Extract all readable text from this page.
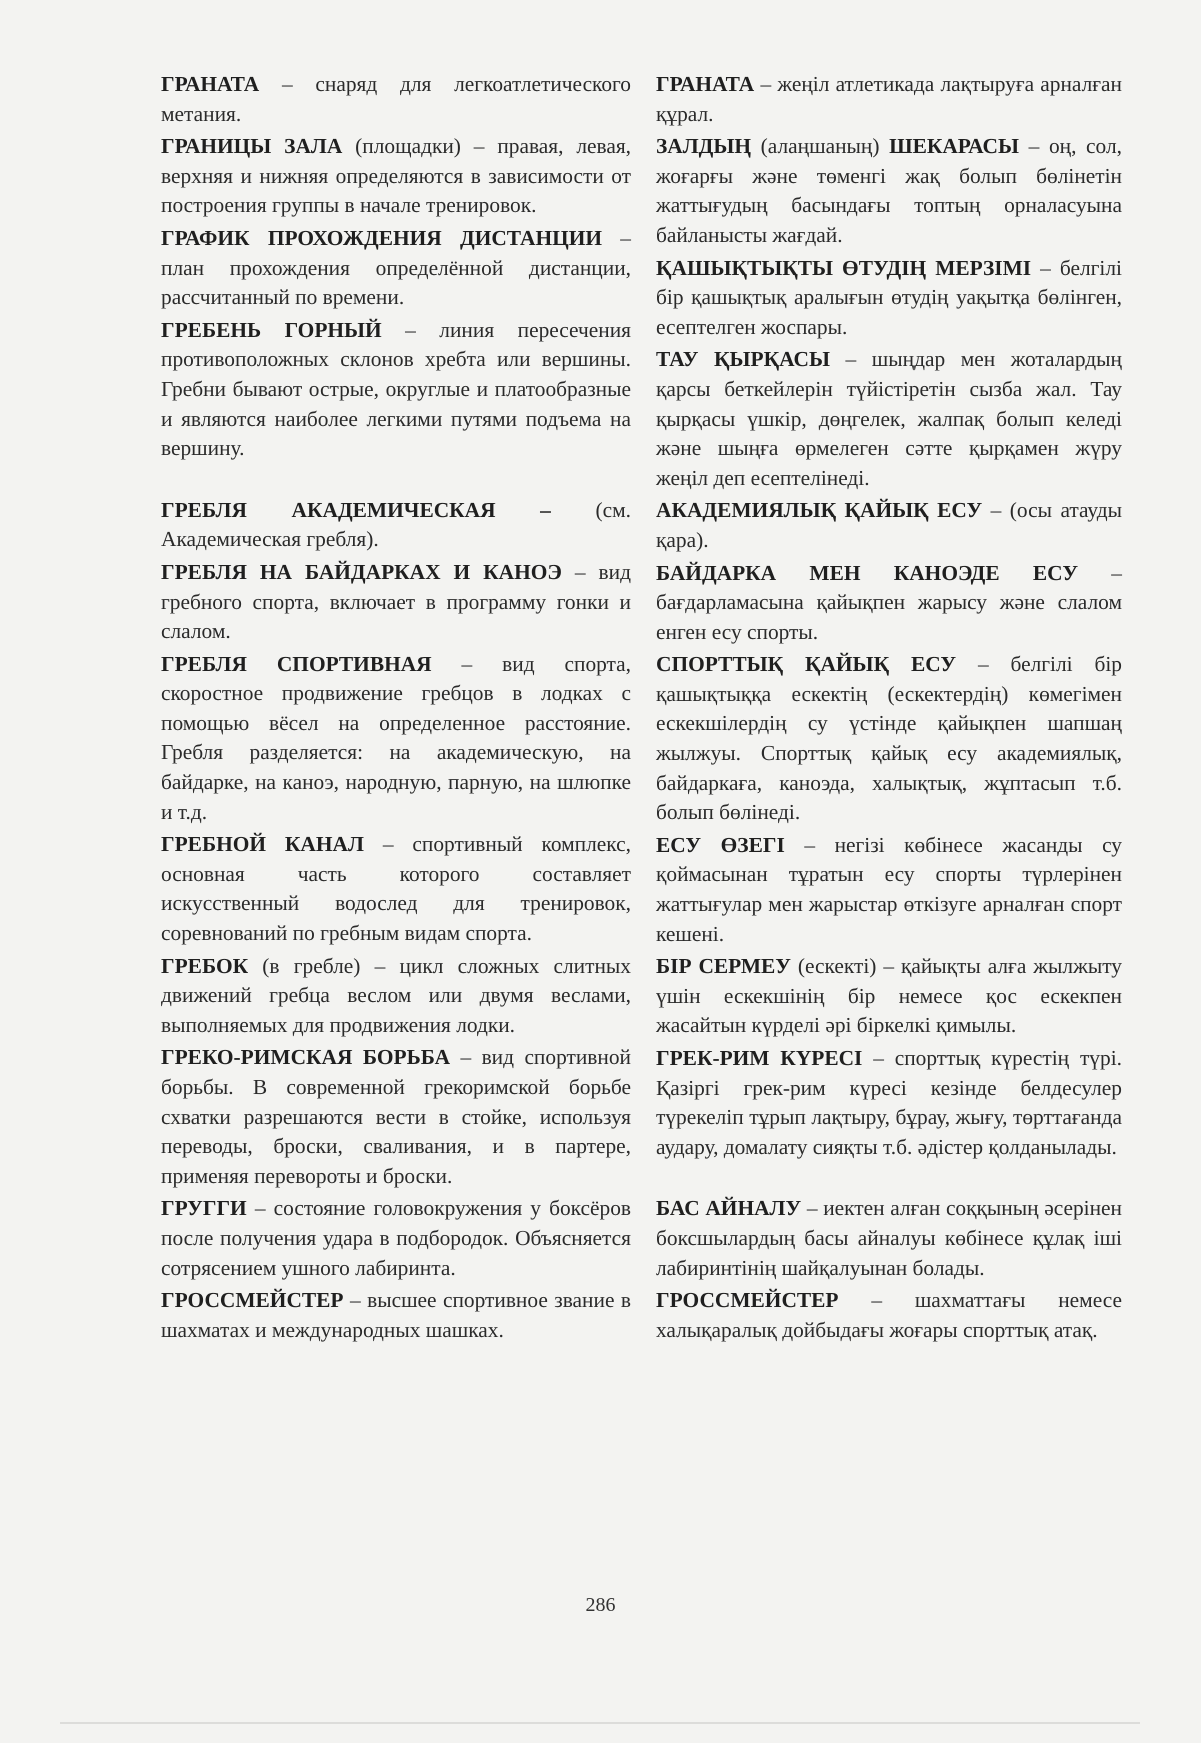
ГРАНАТА – снаряд для легкоатлетического метания.

ГРАНИЦЫ ЗАЛА (площадки) – правая, левая, верхняя и нижняя определяются в зависимости от построения группы в начале тренировок.

ГРАФИК ПРОХОЖДЕНИЯ ДИСТАНЦИИ – план прохождения определённой дистанции, рассчитанный по времени.

ГРЕБЕНЬ ГОРНЫЙ – линия пересечения противоположных склонов хребта или вершины. Гребни бывают острые, округлые и платообразные и являются наиболее легкими путями подъема на вершину.

ГРЕБЛЯ АКАДЕМИЧЕСКАЯ – (см. Академическая гребля).

ГРЕБЛЯ НА БАЙДАРКАХ И КАНОЭ – вид гребного спорта, включает в программу гонки и слалом.

ГРЕБЛЯ СПОРТИВНАЯ – вид спорта, скоростное продвижение гребцов в лодках с помощью вёсел на определенное расстояние. Гребля разделяется: на академическую, на байдарке, на каноэ, народную, парную, на шлюпке и т.д.

ГРЕБНОЙ КАНАЛ – спортивный комплекс, основная часть которого составляет искусственный водослед для тренировок, соревнований по гребным видам спорта.

ГРЕБОК (в гребле) – цикл сложных слитных движений гребца веслом или двумя веслами, выполняемых для продвижения лодки.

ГРЕКО-РИМСКАЯ БОРЬБА – вид спортивной борьбы. В современной грекоримской борьбе схватки разрешаются вести в стойке, используя переводы, броски, сваливания, и в партере, применяя перевороты и броски.

ГРУГГИ – состояние головокружения у боксёров после получения удара в подбородок. Объясняется сотрясением ушного лабиринта.

ГРОССМЕЙСТЕР – высшее спортивное звание в шахматах и международных шашках.

ГРАНАТА – жеңіл атлетикада лақтыруға арналған құрал.

ЗАЛДЫҢ (алаңшаның) ШЕКАРАСЫ – оң, сол, жоғарғы және төменгі жақ болып бөлінетін жаттығудың басындағы топтың орналасуына байланысты жағдай.

ҚАШЫҚТЫҚТЫ ӨТУДІҢ МЕРЗІМІ – белгілі бір қашықтық аралығын өтудің уақытқа бөлінген, есептелген жоспары.

ТАУ ҚЫРҚАСЫ – шыңдар мен жоталардың қарсы беткейлерін түйістіретін сызба жал. Тау қырқасы үшкір, дөңгелек, жалпақ болып келеді және шыңға өрмелеген сәтте қырқамен жүру жеңіл деп есептелінеді.

АКАДЕМИЯЛЫҚ ҚАЙЫҚ ЕСУ – (осы атауды қара).

БАЙДАРКА МЕН КАНОЭДЕ ЕСУ – бағдарламасына қайықпен жарысу және слалом енген есу спорты.

СПОРТТЫҚ ҚАЙЫҚ ЕСУ – белгілі бір қашықтыққа ескектің (ескектердің) көмегімен ескекшілердің су үстінде қайықпен шапшаң жылжуы. Спорттық қайық есу академиялық, байдаркаға, каноэда, халықтық, жұптасып т.б. болып бөлінеді.

ЕСУ ӨЗЕГІ – негізі көбінесе жасанды су қоймасынан тұратын есу спорты түрлерінен жаттығулар мен жарыстар өткізуге арналған спорт кешені.

БІР СЕРМЕУ (ескекті) – қайықты алға жылжыту үшін ескекшінің бір немесе қос ескекпен жасайтын күрделі әрі біркелкі қимылы.

ГРЕК-РИМ КҮРЕСІ – спорттық күрестің түрі. Қазіргі грек-рим күресі кезінде белдесулер түрекеліп тұрып лақтыру, бұрау, жығу, төрттағанда аудару, домалату сияқты т.б. әдістер қолданылады.

БАС АЙНАЛУ – иектен алған соққының әсерінен боксшылардың басы айналуы көбінесе құлақ іші лабиринтінің шайқалуынан болады.

ГРОССМЕЙСТЕР – шахматтағы немесе халықаралық дойбыдағы жоғары спорттық атақ.

286
